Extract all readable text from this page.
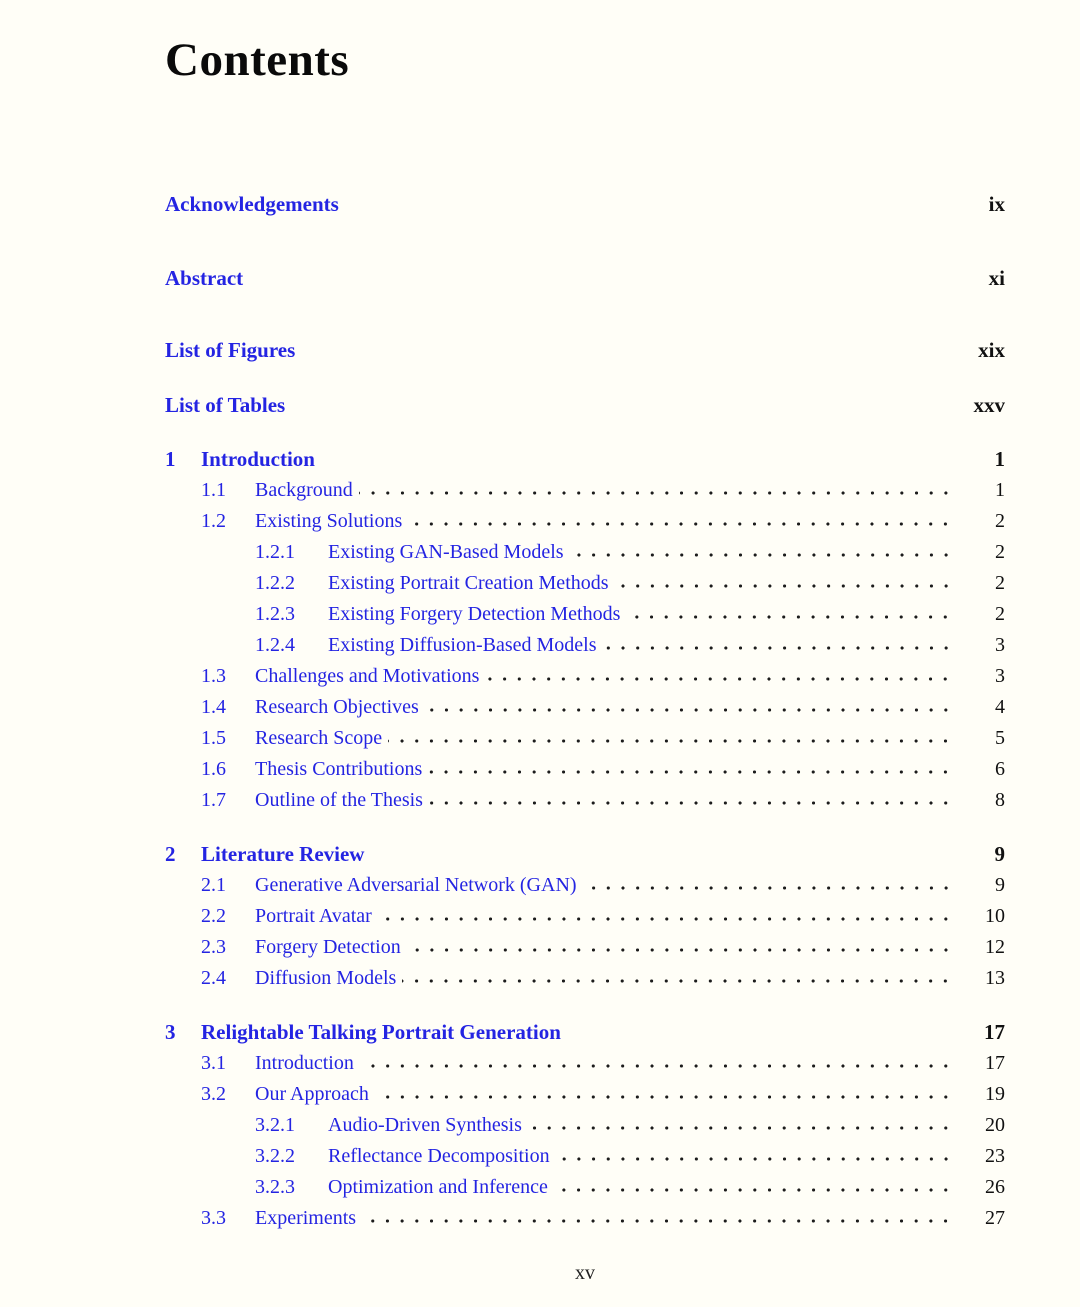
Contents
Acknowledgements	ix
Abstract	xi
List of Figures	xix
List of Tables	xxv
1	Introduction	1
1.1	Background	1
1.2	Existing Solutions	2
1.2.1	Existing GAN-Based Models	2
1.2.2	Existing Portrait Creation Methods	2
1.2.3	Existing Forgery Detection Methods	2
1.2.4	Existing Diffusion-Based Models	3
1.3	Challenges and Motivations	3
1.4	Research Objectives	4
1.5	Research Scope	5
1.6	Thesis Contributions	6
1.7	Outline of the Thesis	8
2	Literature Review	9
2.1	Generative Adversarial Network (GAN)	9
2.2	Portrait Avatar	10
2.3	Forgery Detection	12
2.4	Diffusion Models	13
3	Relightable Talking Portrait Generation	17
3.1	Introduction	17
3.2	Our Approach	19
3.2.1	Audio-Driven Synthesis	20
3.2.2	Reflectance Decomposition	23
3.2.3	Optimization and Inference	26
3.3	Experiments	27
xv
